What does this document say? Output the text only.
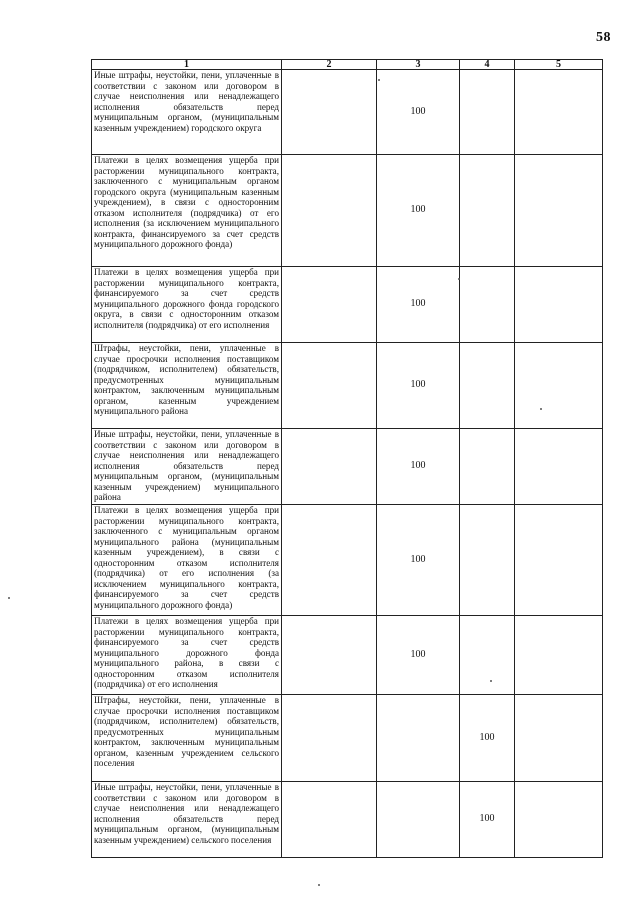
58
1	2	3	4	5
Иные штрафы, неустойки, пени, уплаченные в соответствии с законом или договором в случае неисполнения или ненадлежащего исполнения обязательств перед муниципальным органом, (муниципальным казенным учреждением) городского округа		100		
Платежи в целях возмещения ущерба при расторжении муниципального контракта, заключенного с муниципальным органом городского округа (муниципальным казенным учреждением), в связи с односторонним отказом исполнителя (подрядчика) от его исполнения (за исключением муниципального контракта, финансируемого за счет средств муниципального дорожного фонда)		100		
Платежи в целях возмещения ущерба при расторжении муниципального контракта, финансируемого за счет средств муниципального дорожного фонда городского округа, в связи с односторонним отказом исполнителя (подрядчика) от его исполнения		100		
Штрафы, неустойки, пени, уплаченные в случае просрочки исполнения поставщиком (подрядчиком, исполнителем) обязательств, предусмотренных муниципальным контрактом, заключенным муниципальным органом, казенным учреждением муниципального района		100		
Иные штрафы, неустойки, пени, уплаченные в соответствии с законом или договором в случае неисполнения или ненадлежащего исполнения обязательств перед муниципальным органом, (муниципальным казенным учреждением) муниципального района		100		
Платежи в целях возмещения ущерба при расторжении муниципального контракта, заключенного с муниципальным органом муниципального района (муниципальным казенным учреждением), в связи с односторонним отказом исполнителя (подрядчика) от его исполнения (за исключением муниципального контракта, финансируемого за счет средств муниципального дорожного фонда)		100		
Платежи в целях возмещения ущерба при расторжении муниципального контракта, финансируемого за счет средств муниципального дорожного фонда муниципального района, в связи с односторонним отказом исполнителя (подрядчика) от его исполнения		100		
Штрафы, неустойки, пени, уплаченные в случае просрочки исполнения поставщиком (подрядчиком, исполнителем) обязательств, предусмотренных муниципальным контрактом, заключенным муниципальным органом, казенным учреждением сельского поселения			100	
Иные штрафы, неустойки, пени, уплаченные в соответствии с законом или договором в случае неисполнения или ненадлежащего исполнения обязательств перед муниципальным органом, (муниципальным казенным учреждением) сельского поселения			100	
